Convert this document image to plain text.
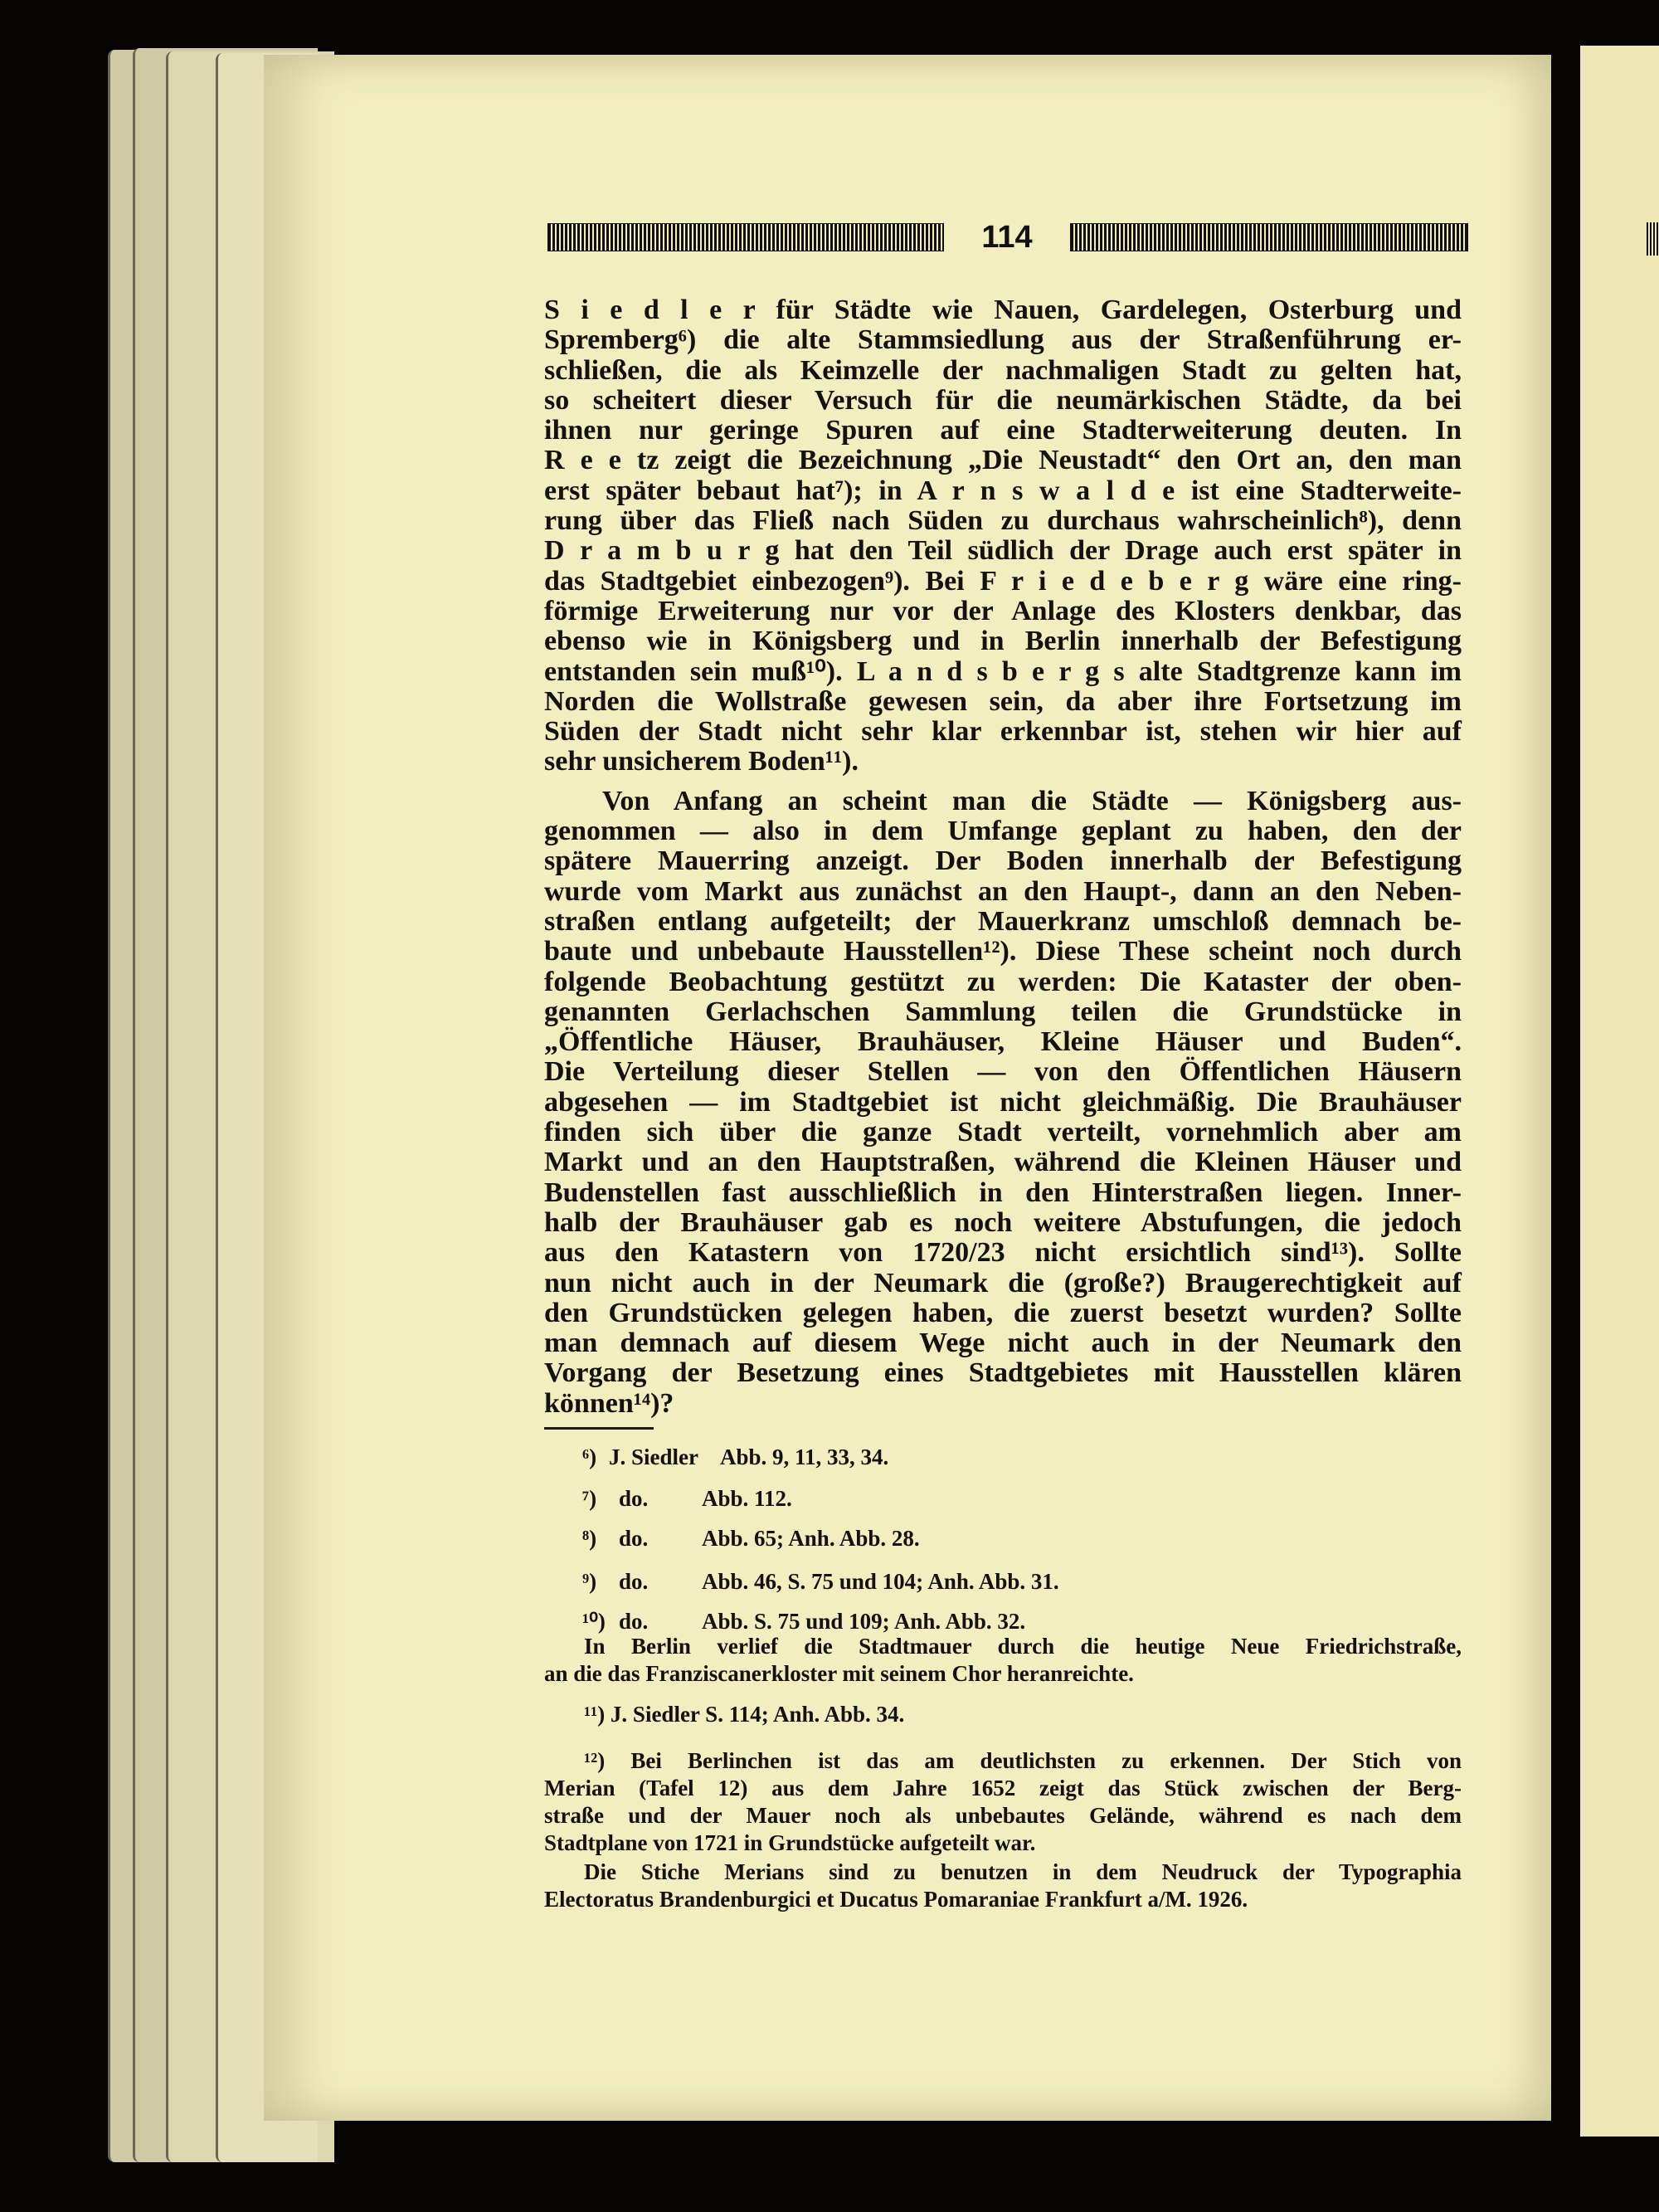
114
S i e d l e r für Städte wie Nauen, Gardelegen, Osterburg und
Spremberg⁶) die alte Stammsiedlung aus der Straßenführung er-
schließen, die als Keimzelle der nachmaligen Stadt zu gelten hat,
so scheitert dieser Versuch für die neumärkischen Städte, da bei
ihnen nur geringe Spuren auf eine Stadterweiterung deuten. In
R e e tz zeigt die Bezeichnung „Die Neustadt“ den Ort an, den man
erst später bebaut hat⁷); in A r n s w a l d e ist eine Stadterweite-
rung über das Fließ nach Süden zu durchaus wahrscheinlich⁸), denn
D r a m b u r g hat den Teil südlich der Drage auch erst später in
das Stadtgebiet einbezogen⁹). Bei F r i e d e b e r g wäre eine ring-
förmige Erweiterung nur vor der Anlage des Klosters denkbar, das
ebenso wie in Königsberg und in Berlin innerhalb der Befestigung
entstanden sein muß¹⁰). L a n d s b e r g s alte Stadtgrenze kann im
Norden die Wollstraße gewesen sein, da aber ihre Fortsetzung im
Süden der Stadt nicht sehr klar erkennbar ist, stehen wir hier auf
sehr unsicherem Boden¹¹).
Von Anfang an scheint man die Städte — Königsberg aus-
genommen — also in dem Umfange geplant zu haben, den der
spätere Mauerring anzeigt. Der Boden innerhalb der Befestigung
wurde vom Markt aus zunächst an den Haupt-, dann an den Neben-
straßen entlang aufgeteilt; der Mauerkranz umschloß demnach be-
baute und unbebaute Hausstellen¹²). Diese These scheint noch durch
folgende Beobachtung gestützt zu werden: Die Kataster der oben-
genannten Gerlachschen Sammlung teilen die Grundstücke in
„Öffentliche Häuser, Brauhäuser, Kleine Häuser und Buden“.
Die Verteilung dieser Stellen — von den Öffentlichen Häusern
abgesehen — im Stadtgebiet ist nicht gleichmäßig. Die Brauhäuser
finden sich über die ganze Stadt verteilt, vornehmlich aber am
Markt und an den Hauptstraßen, während die Kleinen Häuser und
Budenstellen fast ausschließlich in den Hinterstraßen liegen. Inner-
halb der Brauhäuser gab es noch weitere Abstufungen, die jedoch
aus den Katastern von 1720/23 nicht ersichtlich sind¹³). Sollte
nun nicht auch in der Neumark die (große?) Braugerechtigkeit auf
den Grundstücken gelegen haben, die zuerst besetzt wurden? Sollte
man demnach auf diesem Wege nicht auch in der Neumark den
Vorgang der Besetzung eines Stadtgebietes mit Hausstellen klären
können¹⁴)?
⁶) J. Siedler Abb. 9, 11, 33, 34.
⁷) do. Abb. 112.
⁸) do. Abb. 65; Anh. Abb. 28.
⁹) do. Abb. 46, S. 75 und 104; Anh. Abb. 31.
¹⁰) do. Abb. S. 75 und 109; Anh. Abb. 32.
In Berlin verlief die Stadtmauer durch die heutige Neue Friedrichstraße,
an die das Franziscanerkloster mit seinem Chor heranreichte.
¹¹) J. Siedler S. 114; Anh. Abb. 34.
¹²) Bei Berlinchen ist das am deutlichsten zu erkennen. Der Stich von
Merian (Tafel 12) aus dem Jahre 1652 zeigt das Stück zwischen der Berg-
straße und der Mauer noch als unbebautes Gelände, während es nach dem
Stadtplane von 1721 in Grundstücke aufgeteilt war.
Die Stiche Merians sind zu benutzen in dem Neudruck der Typographia
Electoratus Brandenburgici et Ducatus Pomaraniae Frankfurt a/M. 1926.
